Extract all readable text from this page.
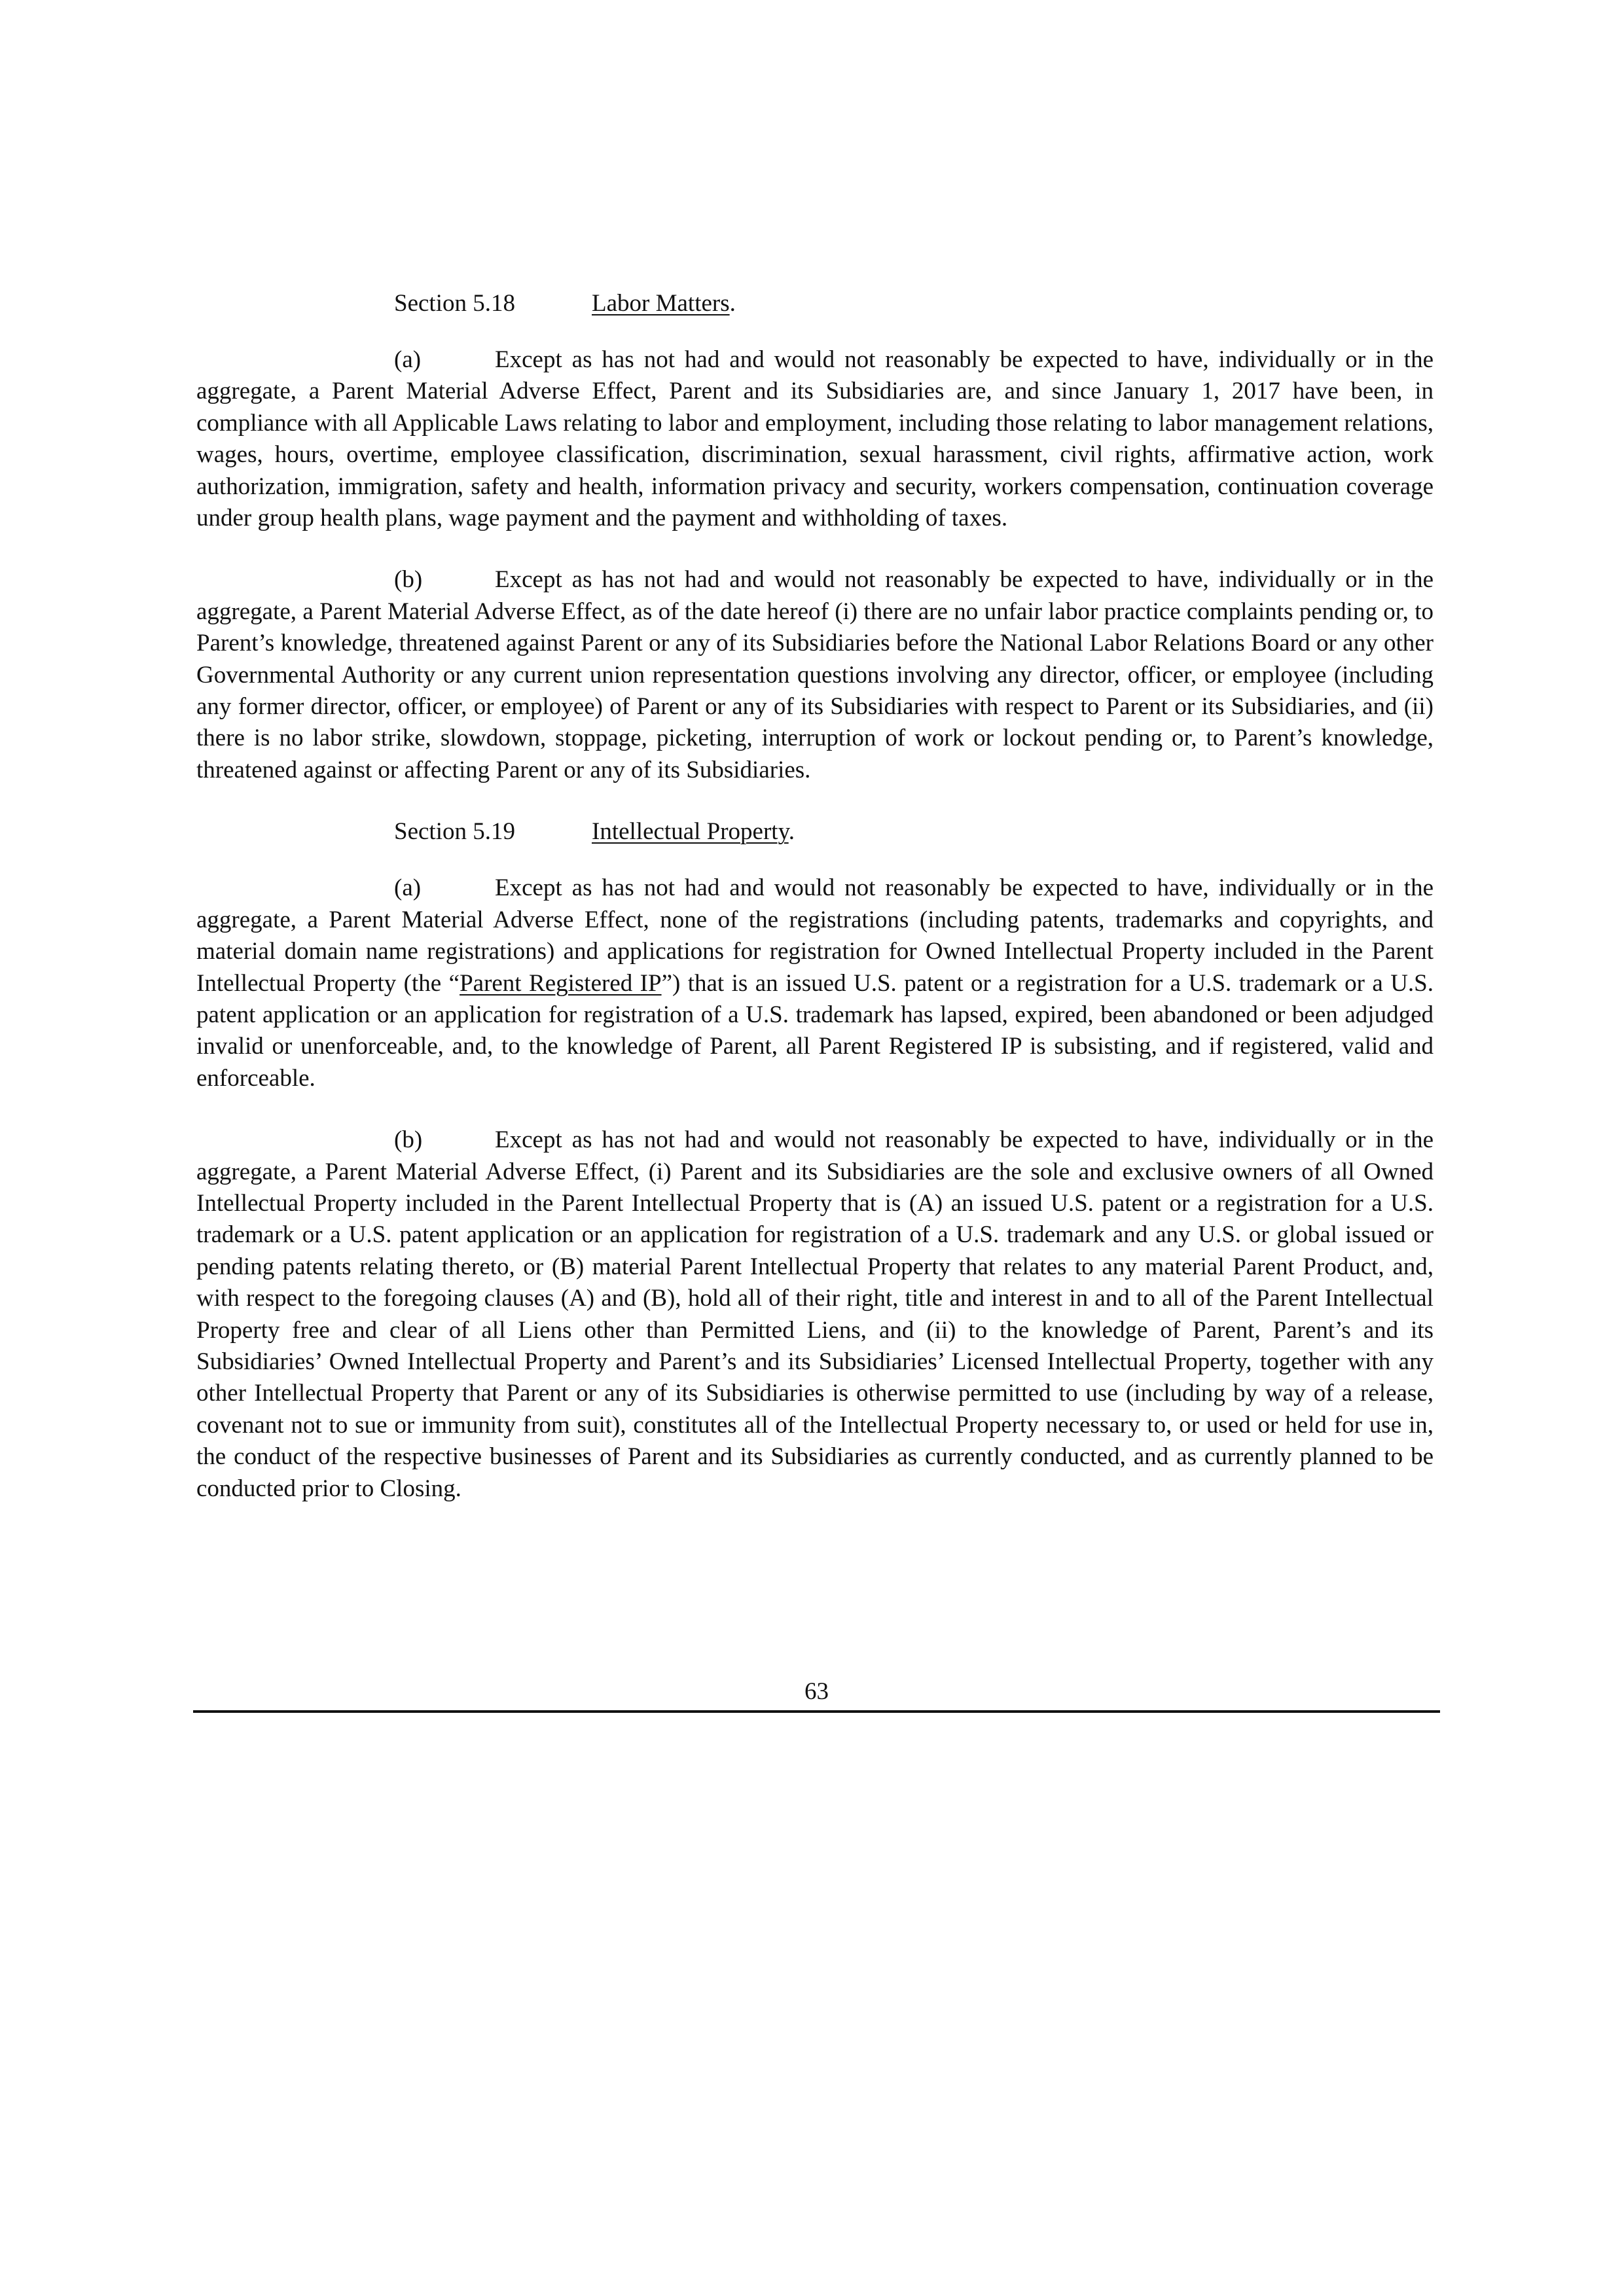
Section 5.18	Labor Matters.

(a)	Except as has not had and would not reasonably be expected to have, individually or in the aggregate, a Parent Material Adverse Effect, Parent and its Subsidiaries are, and since January 1, 2017 have been, in compliance with all Applicable Laws relating to labor and employment, including those relating to labor management relations, wages, hours, overtime, employee classification, discrimination, sexual harassment, civil rights, affirmative action, work authorization, immigration, safety and health, information privacy and security, workers compensation, continuation coverage under group health plans, wage payment and the payment and withholding of taxes.

(b)	Except as has not had and would not reasonably be expected to have, individually or in the aggregate, a Parent Material Adverse Effect, as of the date hereof (i) there are no unfair labor practice complaints pending or, to Parent’s knowledge, threatened against Parent or any of its Subsidiaries before the National Labor Relations Board or any other Governmental Authority or any current union representation questions involving any director, officer, or employee (including any former director, officer, or employee) of Parent or any of its Subsidiaries with respect to Parent or its Subsidiaries, and (ii) there is no labor strike, slowdown, stoppage, picketing, interruption of work or lockout pending or, to Parent’s knowledge, threatened against or affecting Parent or any of its Subsidiaries.

Section 5.19	Intellectual Property.

(a)	Except as has not had and would not reasonably be expected to have, individually or in the aggregate, a Parent Material Adverse Effect, none of the registrations (including patents, trademarks and copyrights, and material domain name registrations) and applications for registration for Owned Intellectual Property included in the Parent Intellectual Property (the “Parent Registered IP”) that is an issued U.S. patent or a registration for a U.S. trademark or a U.S. patent application or an application for registration of a U.S. trademark has lapsed, expired, been abandoned or been adjudged invalid or unenforceable, and, to the knowledge of Parent, all Parent Registered IP is subsisting, and if registered, valid and enforceable.

(b)	Except as has not had and would not reasonably be expected to have, individually or in the aggregate, a Parent Material Adverse Effect, (i) Parent and its Subsidiaries are the sole and exclusive owners of all Owned Intellectual Property included in the Parent Intellectual Property that is (A) an issued U.S. patent or a registration for a U.S. trademark or a U.S. patent application or an application for registration of a U.S. trademark and any U.S. or global issued or pending patents relating thereto, or (B) material Parent Intellectual Property that relates to any material Parent Product, and, with respect to the foregoing clauses (A) and (B), hold all of their right, title and interest in and to all of the Parent Intellectual Property free and clear of all Liens other than Permitted Liens, and (ii) to the knowledge of Parent, Parent’s and its Subsidiaries’ Owned Intellectual Property and Parent’s and its Subsidiaries’ Licensed Intellectual Property, together with any other Intellectual Property that Parent or any of its Subsidiaries is otherwise permitted to use (including by way of a release, covenant not to sue or immunity from suit), constitutes all of the Intellectual Property necessary to, or used or held for use in, the conduct of the respective businesses of Parent and its Subsidiaries as currently conducted, and as currently planned to be conducted prior to Closing.

63
